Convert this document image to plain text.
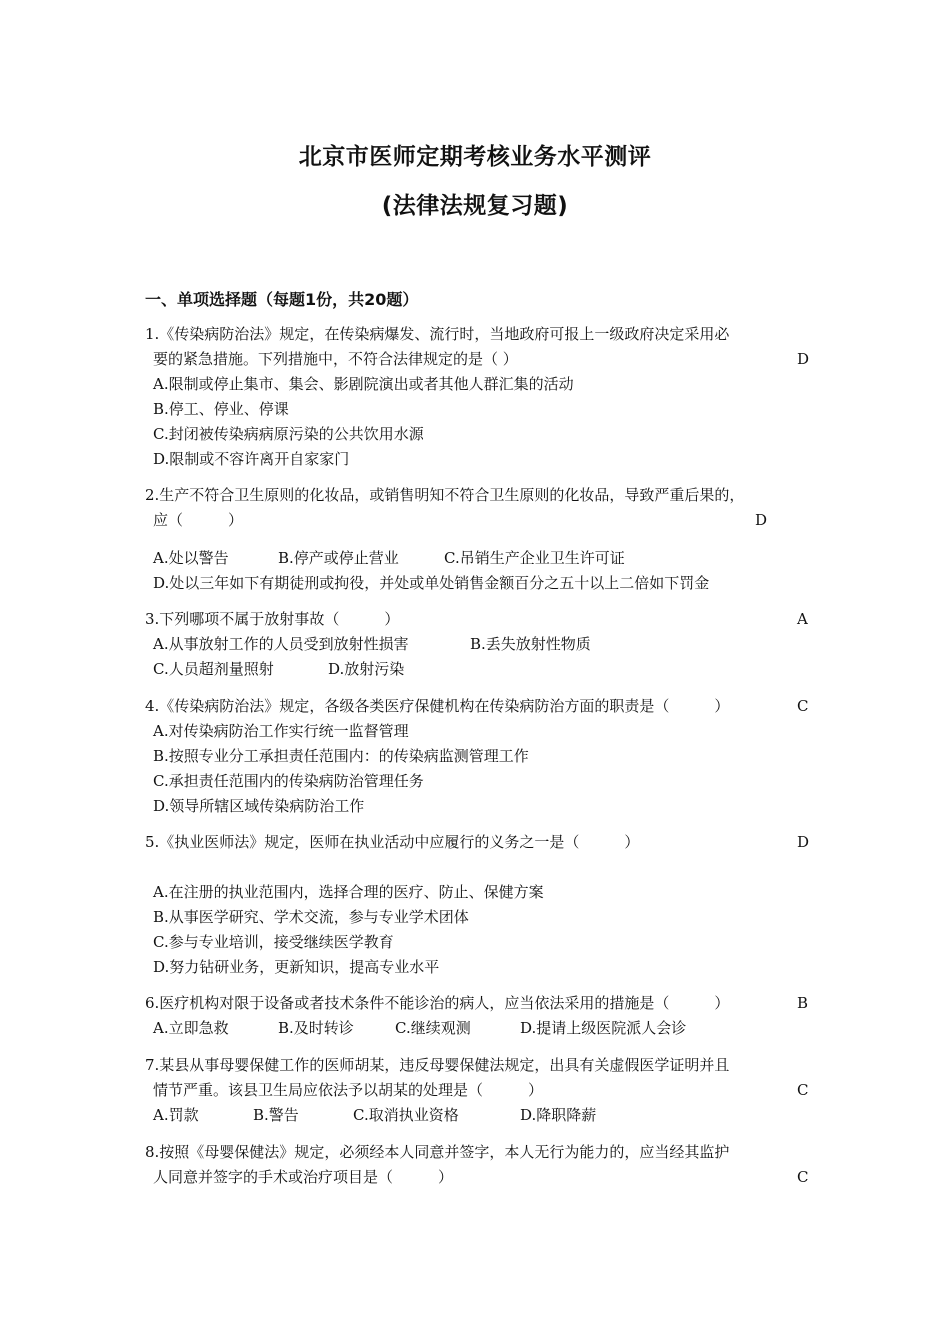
北京市医师定期考核业务水平测评
(法律法规复习题)
一、单项选择题（每题1份，共20题）
1.《传染病防治法》规定，在传染病爆发、流行时，当地政府可报上一级政府决定采用必
要的紧急措施。下列措施中，不符合法律规定的是（ ）	D
A.限制或停止集市、集会、影剧院演出或者其他人群汇集的活动
B.停工、停业、停课
C.封闭被传染病病原污染的公共饮用水源
D.限制或不容许离开自家家门
2.生产不符合卫生原则的化妆品，或销售明知不符合卫生原则的化妆品，导致严重后果的，
应（　　　）	D
A.处以警告	B.停产或停止营业	C.吊销生产企业卫生许可证
D.处以三年如下有期徒刑或拘役，并处或单处销售金额百分之五十以上二倍如下罚金
3.下列哪项不属于放射事故（　　　）	A
A.从事放射工作的人员受到放射性损害	B.丢失放射性物质
C.人员超剂量照射	D.放射污染
4.《传染病防治法》规定，各级各类医疗保健机构在传染病防治方面的职责是（　　　）	C
A.对传染病防治工作实行统一监督管理
B.按照专业分工承担责任范围内：的传染病监测管理工作
C.承担责任范围内的传染病防治管理任务
D.领导所辖区域传染病防治工作
5.《执业医师法》规定，医师在执业活动中应履行的义务之一是（　　　）	D
A.在注册的执业范围内，选择合理的医疗、防止、保健方案
B.从事医学研究、学术交流，参与专业学术团体
C.参与专业培训，接受继续医学教育
D.努力钻研业务，更新知识，提高专业水平
6.医疗机构对限于设备或者技术条件不能诊治的病人，应当依法采用的措施是（　　　）	B
A.立即急救	B.及时转诊	C.继续观测	D.提请上级医院派人会诊
7.某县从事母婴保健工作的医师胡某，违反母婴保健法规定，出具有关虚假医学证明并且
情节严重。该县卫生局应依法予以胡某的处理是（　　　）	C
A.罚款	B.警告	C.取消执业资格	D.降职降薪
8.按照《母婴保健法》规定，必须经本人同意并签字，本人无行为能力的，应当经其监护
人同意并签字的手术或治疗项目是（　　　）	C
